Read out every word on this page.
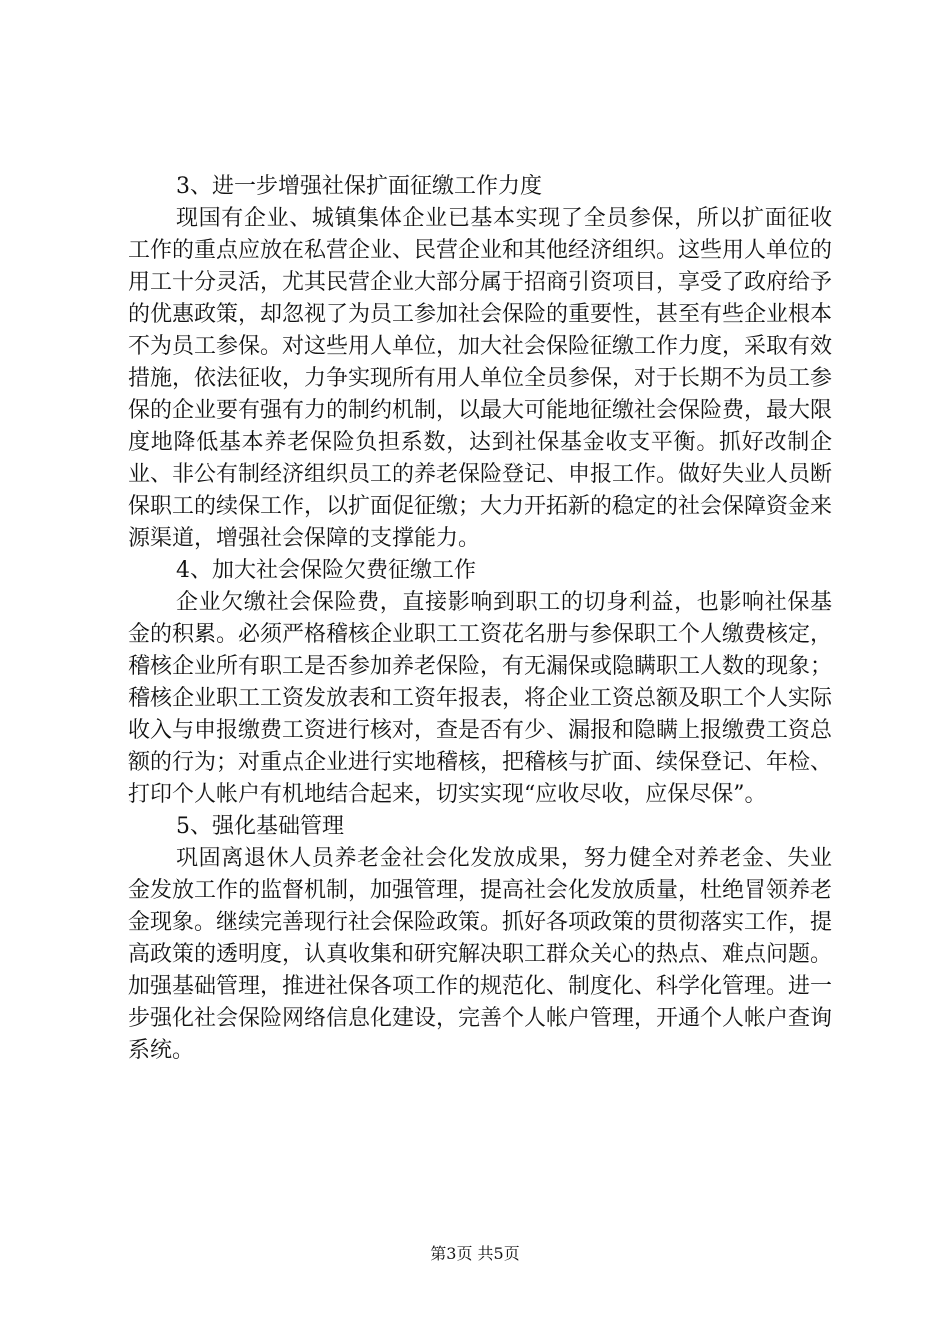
3、进一步增强社保扩面征缴工作力度

现国有企业、城镇集体企业已基本实现了全员参保，所以扩面征收工作的重点应放在私营企业、民营企业和其他经济组织。这些用人单位的用工十分灵活，尤其民营企业大部分属于招商引资项目，享受了政府给予的优惠政策，却忽视了为员工参加社会保险的重要性，甚至有些企业根本不为员工参保。对这些用人单位，加大社会保险征缴工作力度，采取有效措施，依法征收，力争实现所有用人单位全员参保，对于长期不为员工参保的企业要有强有力的制约机制，以最大可能地征缴社会保险费，最大限度地降低基本养老保险负担系数，达到社保基金收支平衡。抓好改制企业、非公有制经济组织员工的养老保险登记、申报工作。做好失业人员断保职工的续保工作，以扩面促征缴；大力开拓新的稳定的社会保障资金来源渠道，增强社会保障的支撑能力。

4、加大社会保险欠费征缴工作

企业欠缴社会保险费，直接影响到职工的切身利益，也影响社保基金的积累。必须严格稽核企业职工工资花名册与参保职工个人缴费核定，稽核企业所有职工是否参加养老保险，有无漏保或隐瞒职工人数的现象；稽核企业职工工资发放表和工资年报表，将企业工资总额及职工个人实际收入与申报缴费工资进行核对，查是否有少、漏报和隐瞒上报缴费工资总额的行为；对重点企业进行实地稽核，把稽核与扩面、续保登记、年检、打印个人帐户有机地结合起来，切实实现“应收尽收，应保尽保”。

5、强化基础管理

巩固离退休人员养老金社会化发放成果，努力健全对养老金、失业金发放工作的监督机制，加强管理，提高社会化发放质量，杜绝冒领养老金现象。继续完善现行社会保险政策。抓好各项政策的贯彻落实工作，提高政策的透明度，认真收集和研究解决职工群众关心的热点、难点问题。加强基础管理，推进社保各项工作的规范化、制度化、科学化管理。进一步强化社会保险网络信息化建设，完善个人帐户管理，开通个人帐户查询系统。

第3页 共5页
